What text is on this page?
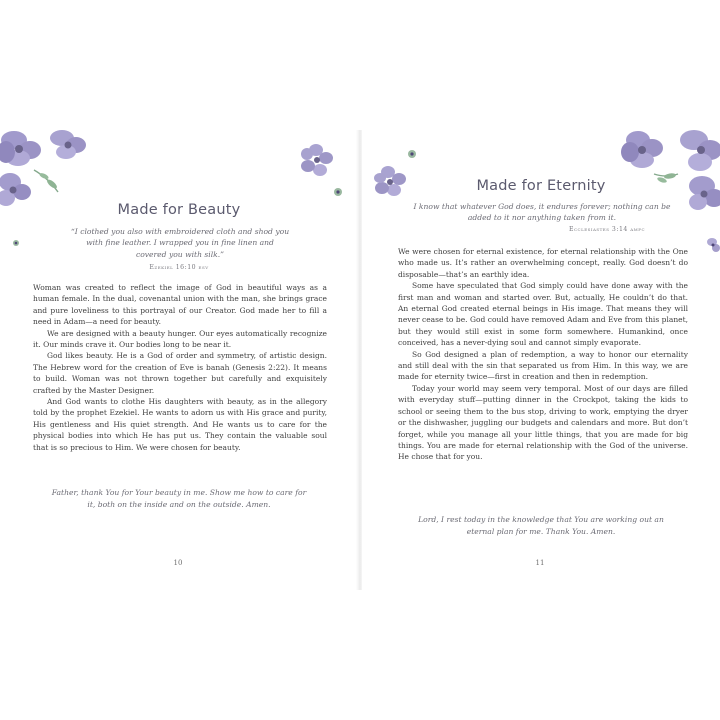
Made for Beauty
“I clothed you also with embroidered cloth and shod you with fine leather. I wrapped you in fine linen and covered you with silk.”
Ezekiel 16:10 esv

Woman was created to reflect the image of God in beautiful ways as a human female. In the dual, covenantal union with the man, she brings grace and pure loveliness to this portrayal of our Creator. God made her to fill a need in Adam—a need for beauty.

We are designed with a beauty hunger. Our eyes automatically recognize it. Our minds crave it. Our bodies long to be near it.

God likes beauty. He is a God of order and symmetry, of artistic design. The Hebrew word for the creation of Eve is banah (Genesis 2:22). It means to build. Woman was not thrown together but carefully and exquisitely crafted by the Master Designer.

And God wants to clothe His daughters with beauty, as in the allegory told by the prophet Ezekiel. He wants to adorn us with His grace and purity, His gentleness and His quiet strength. And He wants us to care for the physical bodies into which He has put us. They contain the valuable soul that is so precious to Him. We were chosen for beauty.

Father, thank You for Your beauty in me. Show me how to care for it, both on the inside and on the outside. Amen.
10
Made for Eternity
I know that whatever God does, it endures forever; nothing can be added to it nor anything taken from it.
Ecclesiastes 3:14 ampc

We were chosen for eternal existence, for eternal relationship with the One who made us. It’s rather an overwhelming concept, really. God doesn’t do disposable—that’s an earthly idea.

Some have speculated that God simply could have done away with the first man and woman and started over. But, actually, He couldn’t do that. An eternal God created eternal beings in His image. That means they will never cease to be. God could have removed Adam and Eve from this planet, but they would still exist in some form somewhere. Humankind, once conceived, has a never-dying soul and cannot simply evaporate.

So God designed a plan of redemption, a way to honor our eternality and still deal with the sin that separated us from Him. In this way, we are made for eternity twice—first in creation and then in redemption.

Today your world may seem very temporal. Most of our days are filled with everyday stuff—putting dinner in the Crockpot, taking the kids to school or seeing them to the bus stop, driving to work, emptying the dryer or the dishwasher, juggling our budgets and calendars and more. But don’t forget, while you manage all your little things, that you are made for big things. You are made for eternal relationship with the God of the universe. He chose that for you.

Lord, I rest today in the knowledge that You are working out an eternal plan for me. Thank You. Amen.
11
